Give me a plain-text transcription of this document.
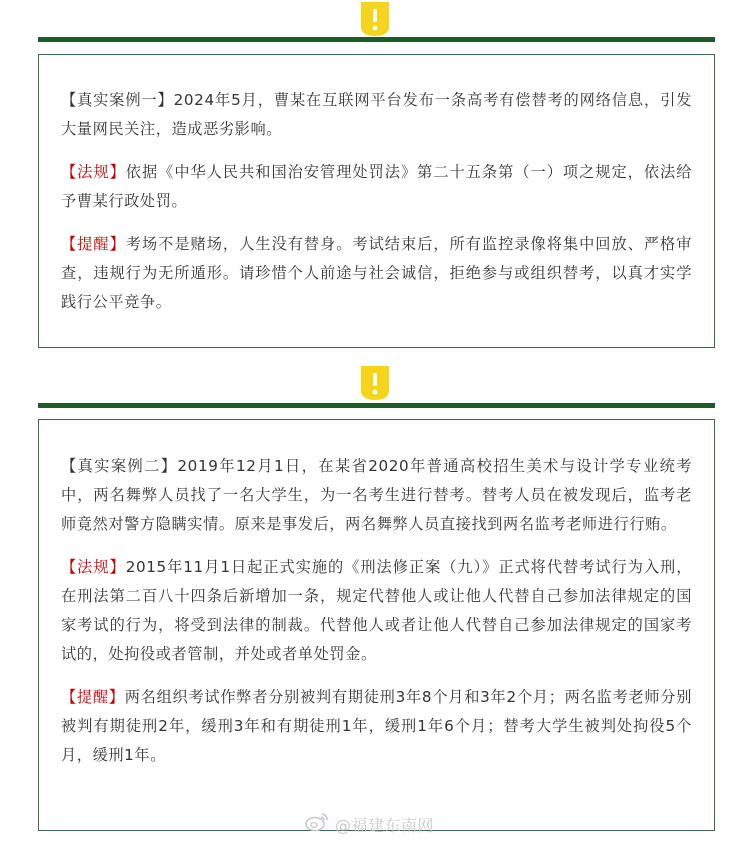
【真实案例一】2024年5月，曹某在互联网平台发布一条高考有偿替考的网络信息，引发大量网民关注，造成恶劣影响。

【法规】依据《中华人民共和国治安管理处罚法》第二十五条第（一）项之规定，依法给予曹某行政处罚。

【提醒】考场不是赌场，人生没有替身。考试结束后，所有监控录像将集中回放、严格审查，违规行为无所遁形。请珍惜个人前途与社会诚信，拒绝参与或组织替考，以真才实学践行公平竞争。

【真实案例二】2019年12月1日，在某省2020年普通高校招生美术与设计学专业统考中，两名舞弊人员找了一名大学生，为一名考生进行替考。替考人员在被发现后，监考老师竟然对警方隐瞒实情。原来是事发后，两名舞弊人员直接找到两名监考老师进行行贿。

【法规】2015年11月1日起正式实施的《刑法修正案（九）》正式将代替考试行为入刑，在刑法第二百八十四条后新增加一条，规定代替他人或让他人代替自己参加法律规定的国家考试的行为，将受到法律的制裁。代替他人或者让他人代替自己参加法律规定的国家考试的，处拘役或者管制，并处或者单处罚金。

【提醒】两名组织考试作弊者分别被判有期徒刑3年8个月和3年2个月；两名监考老师分别被判有期徒刑2年，缓刑3年和有期徒刑1年，缓刑1年6个月；替考大学生被判处拘役5个月，缓刑1年。

@福建东南网
